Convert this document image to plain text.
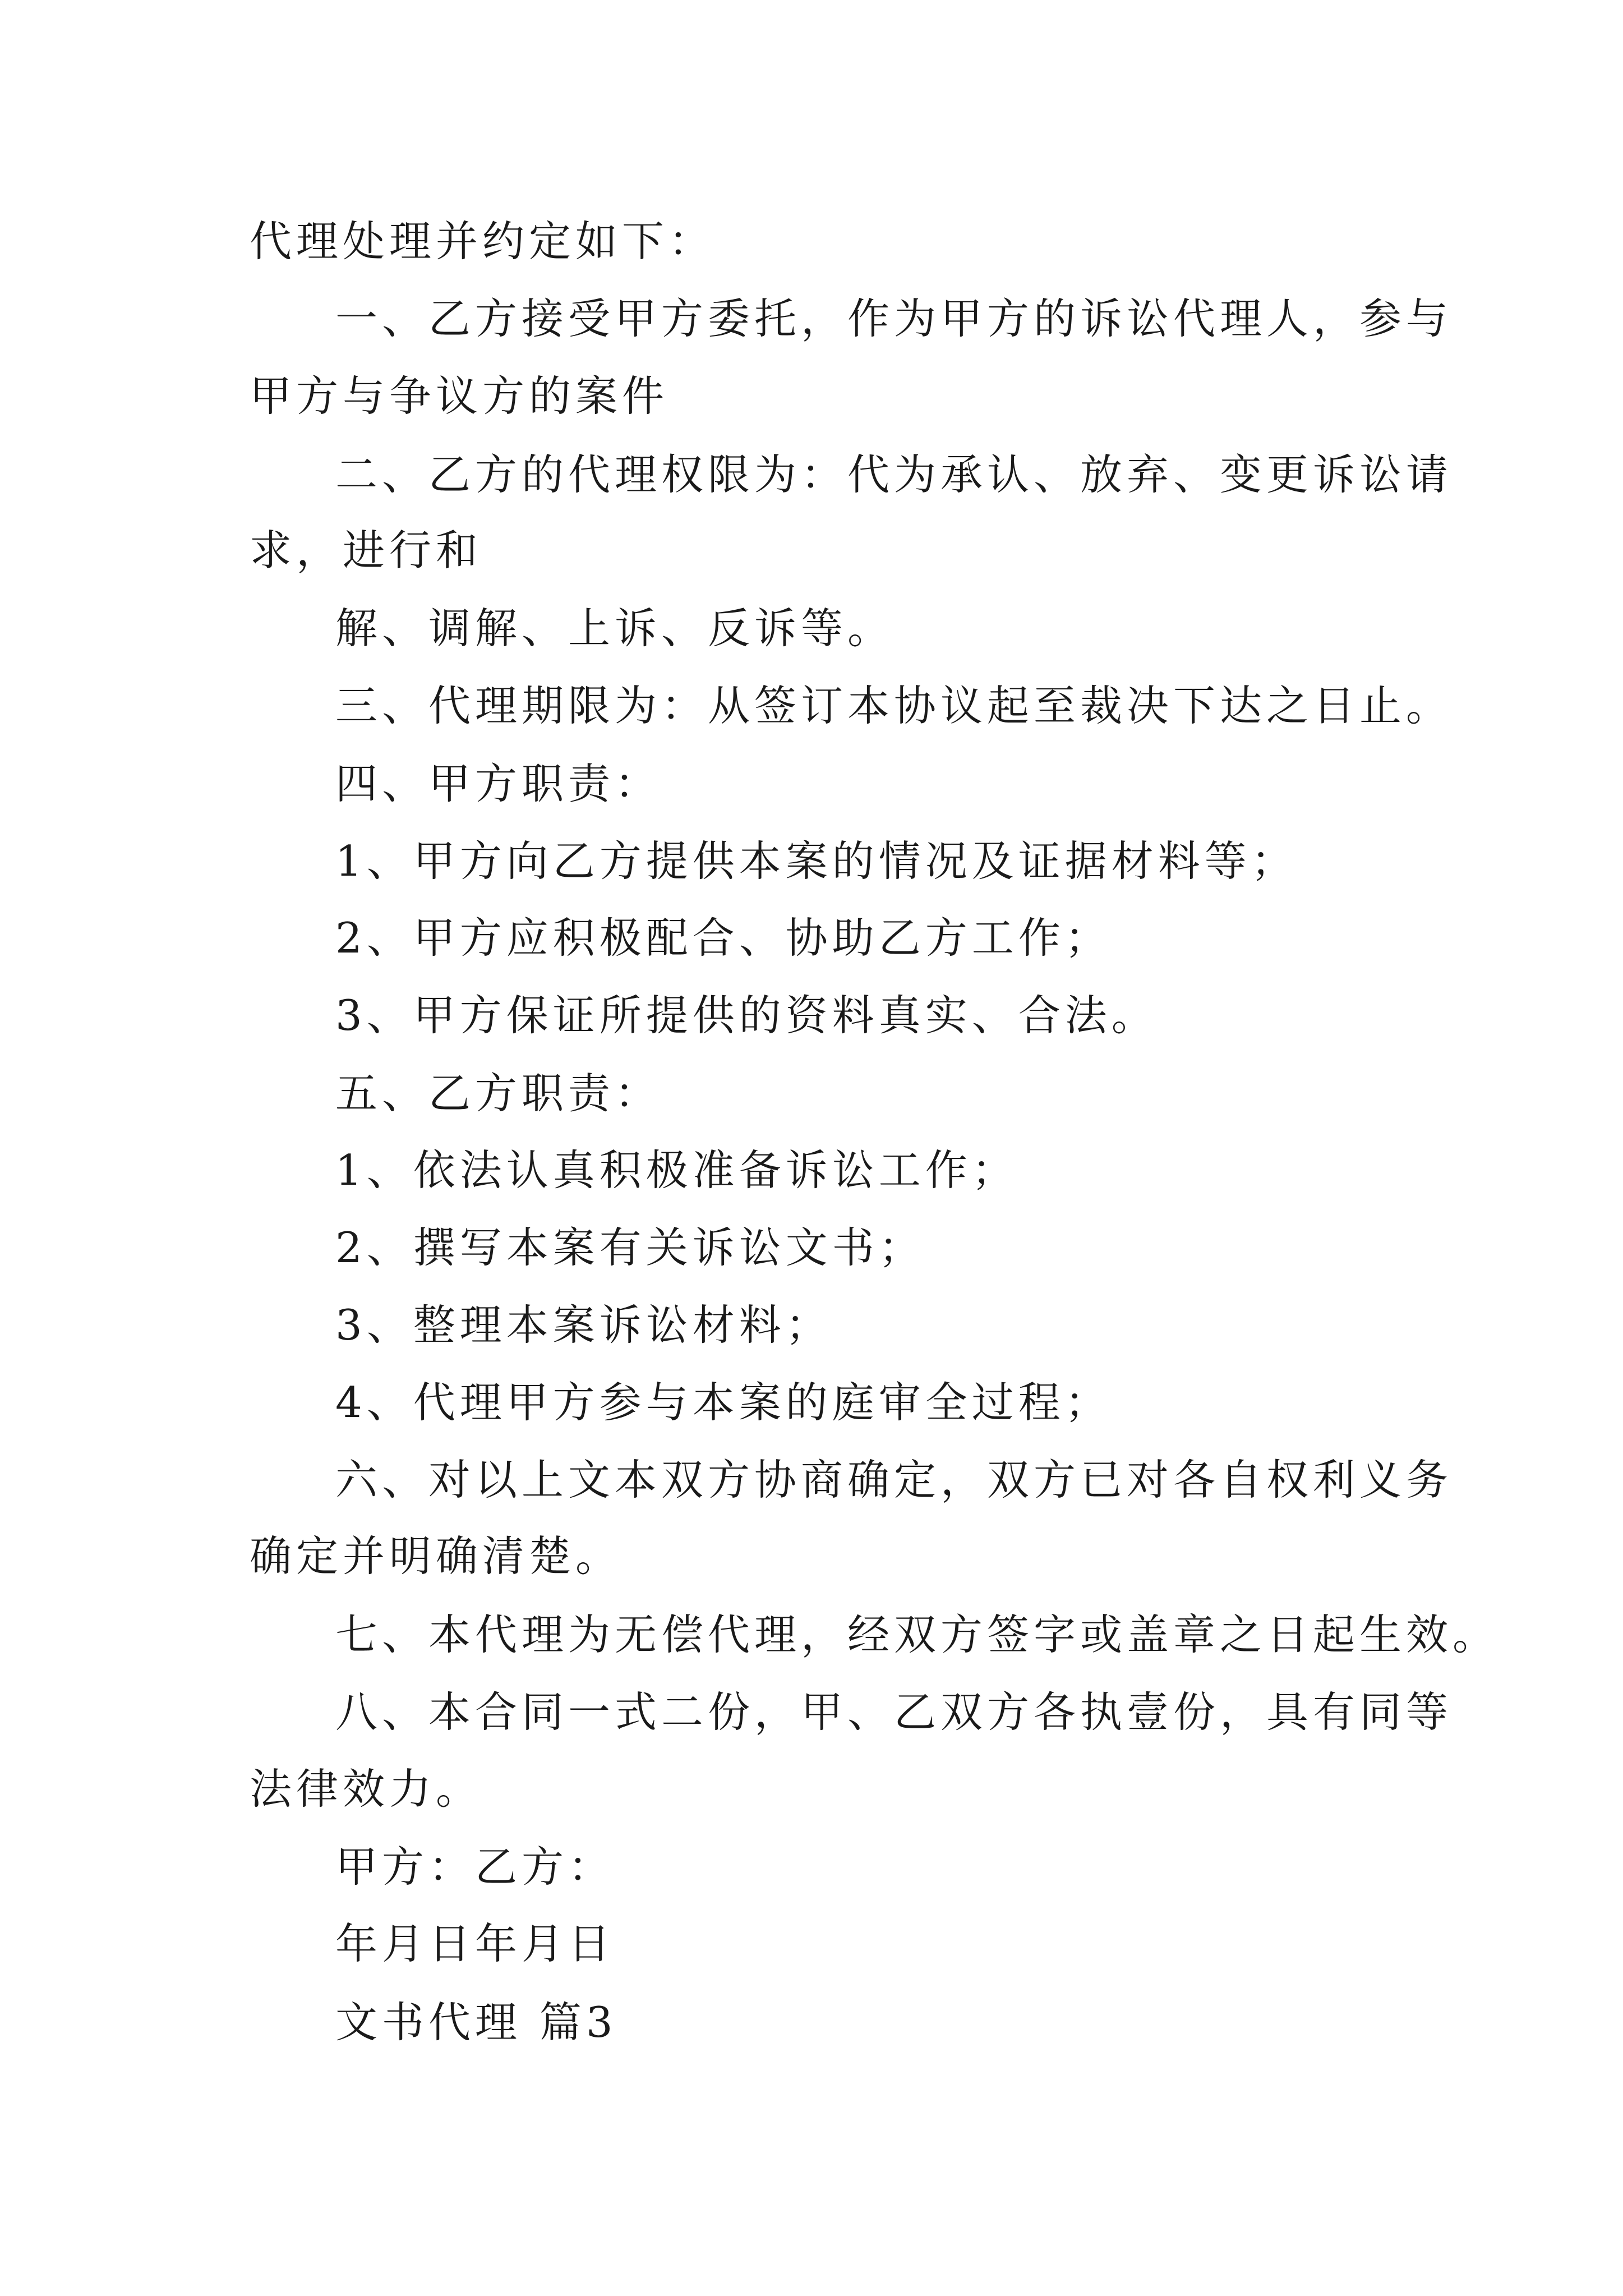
代理处理并约定如下：

一、乙方接受甲方委托，作为甲方的诉讼代理人，参与

甲方与争议方的案件

二、乙方的代理权限为：代为承认、放弃、变更诉讼请

求，进行和

解、调解、上诉、反诉等。

三、代理期限为：从签订本协议起至裁决下达之日止。

四、甲方职责：

1、甲方向乙方提供本案的情况及证据材料等；

2、甲方应积极配合、协助乙方工作；

3、甲方保证所提供的资料真实、合法。

五、乙方职责：

1、依法认真积极准备诉讼工作；

2、撰写本案有关诉讼文书；

3、整理本案诉讼材料；

4、代理甲方参与本案的庭审全过程；

六、对以上文本双方协商确定，双方已对各自权利义务

确定并明确清楚。

七、本代理为无偿代理，经双方签字或盖章之日起生效。

八、本合同一式二份，甲、乙双方各执壹份，具有同等

法律效力。

甲方：乙方：

年月日年月日

文书代理 篇3
